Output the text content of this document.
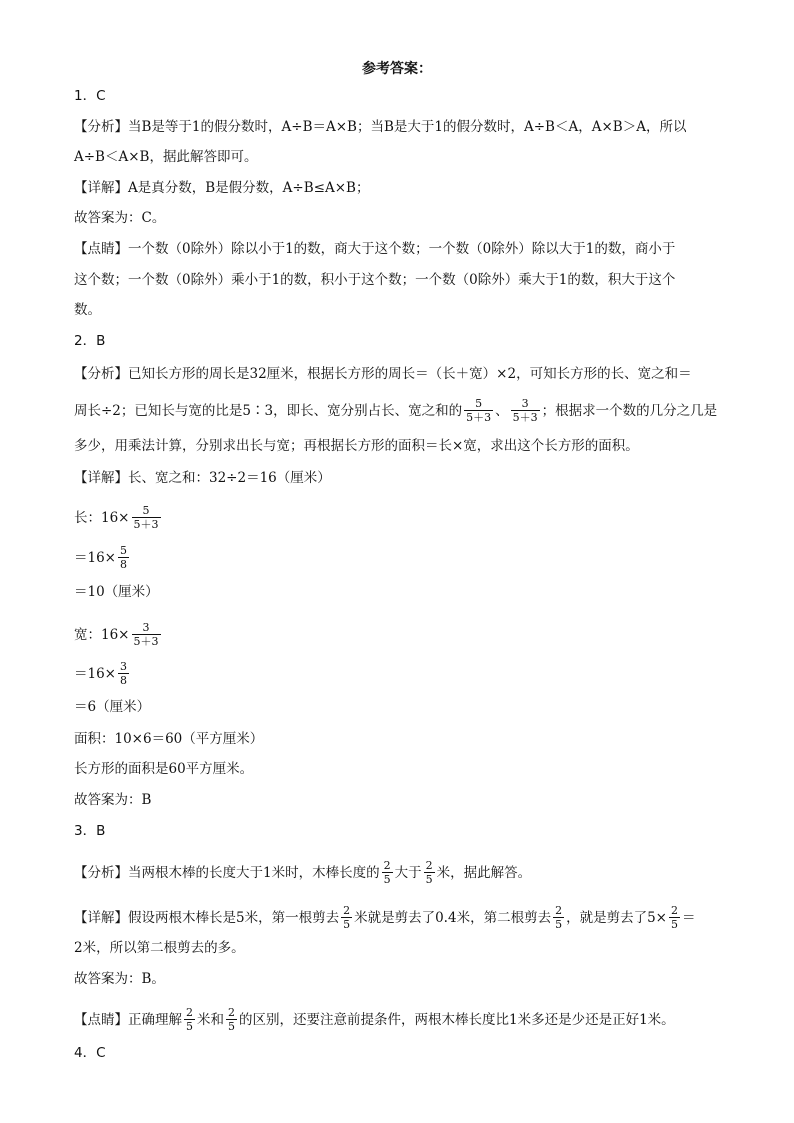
参考答案：
1．C
【分析】当B是等于1的假分数时，A÷B＝A×B；当B是大于1的假分数时，A÷B＜A，A×B＞A，所以
A÷B＜A×B，据此解答即可。
【详解】A是真分数，B是假分数，A÷B≤A×B；
故答案为：C。
【点睛】一个数（0除外）除以小于1的数，商大于这个数；一个数（0除外）除以大于1的数，商小于
这个数；一个数（0除外）乘小于1的数，积小于这个数；一个数（0除外）乘大于1的数，积大于这个
数。
2．B
【分析】已知长方形的周长是32厘米，根据长方形的周长＝（长＋宽）×2，可知长方形的长、宽之和＝
周长÷2；已知长与宽的比是5∶3，即长、宽分别占长、宽之和的 $\frac{5}{5+3}$ 、 $\frac{3}{5+3}$ ；根据求一个数的几分之几是
多少，用乘法计算，分别求出长与宽；再根据长方形的面积＝长×宽，求出这个长方形的面积。
【详解】长、宽之和：32÷2＝16（厘米）
长：$16\times \frac{5}{5+3}$
$=16\times \frac{5}{8}$
＝10（厘米）
宽：$16\times \frac{3}{5+3}$
$=16\times \frac{3}{8}$
＝6（厘米）
面积：10×6＝60（平方厘米）
长方形的面积是60平方厘米。
故答案为：B
3．B
【分析】当两根木棒的长度大于1米时，木棒长度的 $\frac{2}{5}$ 大于 $\frac{2}{5}$ 米，据此解答。
【详解】假设两根木棒长是5米，第一根剪去 $\frac{2}{5}$ 米就是剪去了0.4米，第二根剪去 $\frac{2}{5}$ ，就是剪去了$5\times \frac{2}{5}$ ＝
2米，所以第二根剪去的多。
故答案为：B。
【点睛】正确理解 $\frac{2}{5}$ 米和 $\frac{2}{5}$ 的区别，还要注意前提条件，两根木棒长度比1米多还是少还是正好1米。
4．C
